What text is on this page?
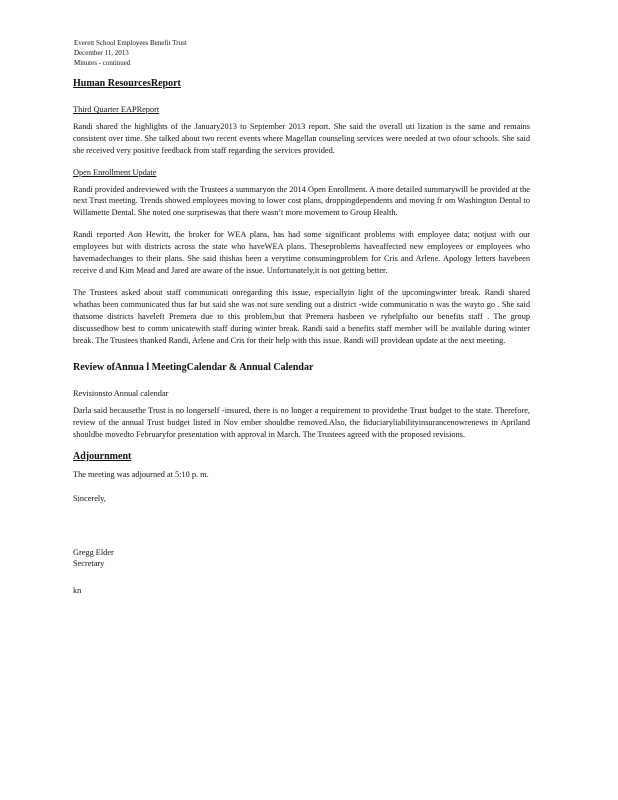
Everett School Employees Benefit Trust
December 11, 2013
Minutes - continued
Human ResourcesReport
Third Quarter EAPReport

Randi shared the highlights of the January2013 to September 2013 report. She said the overall uti lization is the same and remains consistent over time. She talked about two recent events where Magellan counseling services were needed at two ofour schools. She said she received very positive feedback from staff regarding the services provided.

Open Enrollment Update

Randi provided andreviewed with the Trustees a summaryon the 2014 Open Enrollment. A more detailed summarywill be provided at the next Trust meeting. Trends showed employees moving to lower cost plans, droppingdependents and moving fr om Washington Dental to Willamette Dental. She noted one surprisewas that there wasn’t more movement to Group Health.

Randi reported Aon Hewitt, the broker for WEA plans, has had some significant problems with employee data; notjust with our employees but with districts across the state who haveWEA plans. Theseproblems haveaffected new employees or employees who havemadechanges to their plans. She said thishas been a verytime consumingproblem for Cris and Arlene. Apology letters havebeen receive d and Kim Mead and Jared are aware of the issue. Unfortunately,it is not getting better.

The Trustees asked about staff communicati onregarding this issue, especiallyin light of the upcomingwinter break. Randi shared whathas been communicated thus far but said she was not sure sending out a district -wide communicatio n was the wayto go . She said thatsome districts haveleft Premera due to this problem,but that Premera hasbeen ve ryhelpfulto our benefits staff . The group discussedhow best to comm unicatewith staff during winter break. Randi said a benefits staff member will be available during winter break. The Trustees thanked Randi, Arlene and Cris for their help with this issue. Randi will providean update at the next meeting.

Review ofAnnua l MeetingCalendar & Annual Calendar
Revisionsto Annual calendar

Darla said becausethe Trust is no longerself -insured, there is no longer a requirement to providethe Trust budget to the state. Therefore, review of the annual Trust budget listed in Nov ember shouldbe removed.Also, the fiduciaryliabilityinsurancenowrenews in Apriland shouldbe movedto Februaryfor presentation with approval in March. The Trustees agreed with the proposed revisions.

Adjournment

The meeting was adjourned at 5:10 p. m.

Sincerely,
Gregg Elder
Secretary
kn
